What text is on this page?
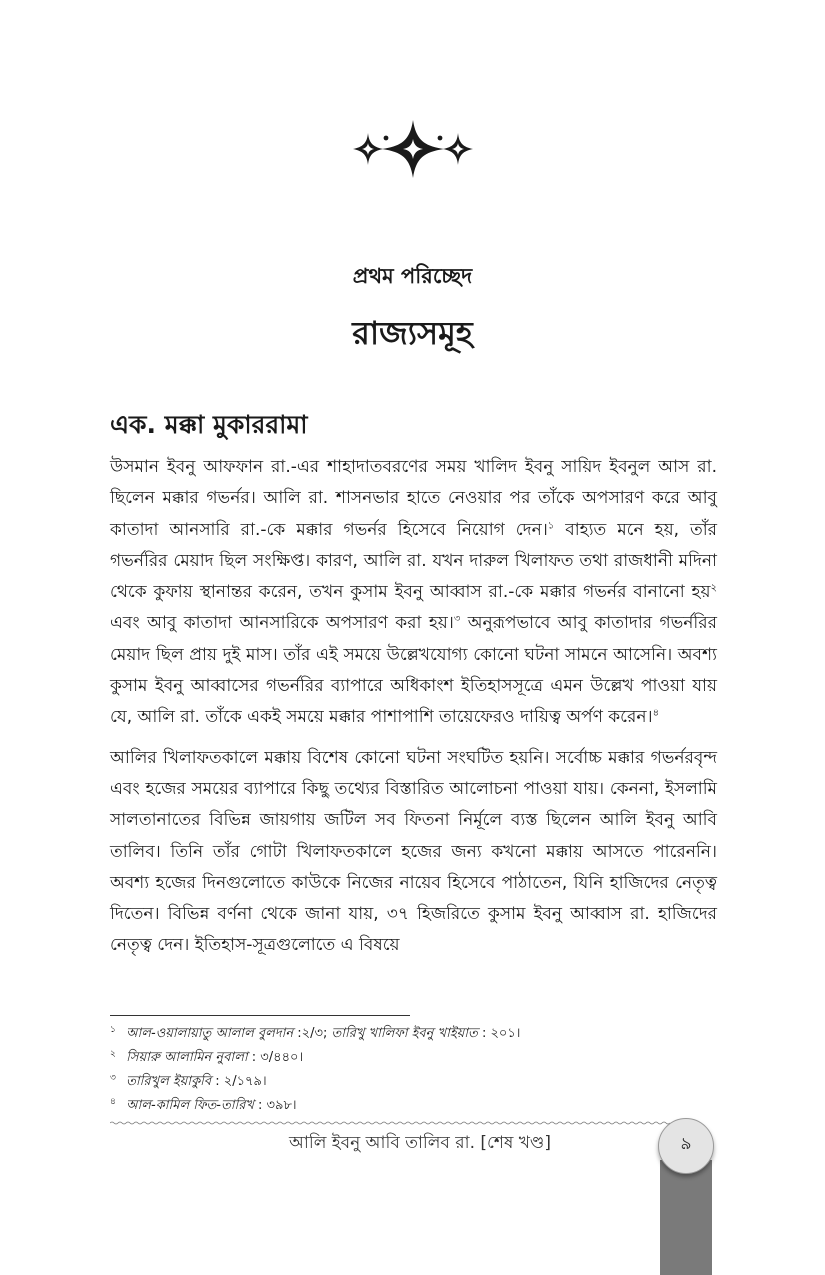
প্রথম পরিচ্ছেদ
রাজ্যসমূহ
এক. মক্কা মুকাররামা

উসমান ইবনু আফফান রা.-এর শাহাদাতবরণের সময় খালিদ ইবনু সায়িদ ইবনুল আস রা. ছিলেন মক্কার গভর্নর। আলি রা. শাসনভার হাতে নেওয়ার পর তাঁকে অপসারণ করে আবু কাতাদা আনসারি রা.-কে মক্কার গভর্নর হিসেবে নিয়োগ দেন।$^১$ বাহ্যত মনে হয়, তাঁর গভর্নরির মেয়াদ ছিল সংক্ষিপ্ত। কারণ, আলি রা. যখন দারুল খিলাফত তথা রাজধানী মদিনা থেকে কুফায় স্থানান্তর করেন, তখন কুসাম ইবনু আব্বাস রা.-কে মক্কার গভর্নর বানানো হয়$^২$ এবং আবু কাতাদা আনসারিকে অপসারণ করা হয়।$^৩$ অনুরূপভাবে আবু কাতাদার গভর্নরির মেয়াদ ছিল প্রায় দুই মাস। তাঁর এই সময়ে উল্লেখযোগ্য কোনো ঘটনা সামনে আসেনি। অবশ্য কুসাম ইবনু আব্বাসের গভর্নরির ব্যাপারে অধিকাংশ ইতিহাসসূত্রে এমন উল্লেখ পাওয়া যায় যে, আলি রা. তাঁকে একই সময়ে মক্কার পাশাপাশি তায়েফেরও দায়িত্ব অর্পণ করেন।$^৪$

আলির খিলাফতকালে মক্কায় বিশেষ কোনো ঘটনা সংঘটিত হয়নি। সর্বোচ্চ মক্কার গভর্নরবৃন্দ এবং হজের সময়ের ব্যাপারে কিছু তথ্যের বিস্তারিত আলোচনা পাওয়া যায়। কেননা, ইসলামি সালতানাতের বিভিন্ন জায়গায় জটিল সব ফিতনা নির্মূলে ব্যস্ত ছিলেন আলি ইবনু আবি তালিব। তিনি তাঁর গোটা খিলাফতকালে হজের জন্য কখনো মক্কায় আসতে পারেননি। অবশ্য হজের দিনগুলোতে কাউকে নিজের নায়েব হিসেবে পাঠাতেন, যিনি হাজিদের নেতৃত্ব দিতেন। বিভিন্ন বর্ণনা থেকে জানা যায়, ৩৭ হিজরিতে কুসাম ইবনু আব্বাস রা. হাজিদের নেতৃত্ব দেন। ইতিহাস-সূত্রগুলোতে এ বিষয়ে

১ আল-ওয়ালায়াতু আলাল বুলদান :২/৩; তারিখু খালিফা ইবনু খাইয়াত : ২০১।
২ সিয়ারু আলামিন নুবালা : ৩/৪৪০।
৩ তারিখুল ইয়াকুবি : ২/১৭৯।
৪ আল-কামিল ফিত-তারিখ : ৩৯৮।
আলি ইবনু আবি তালিব রা. [শেষ খণ্ড]	৯
